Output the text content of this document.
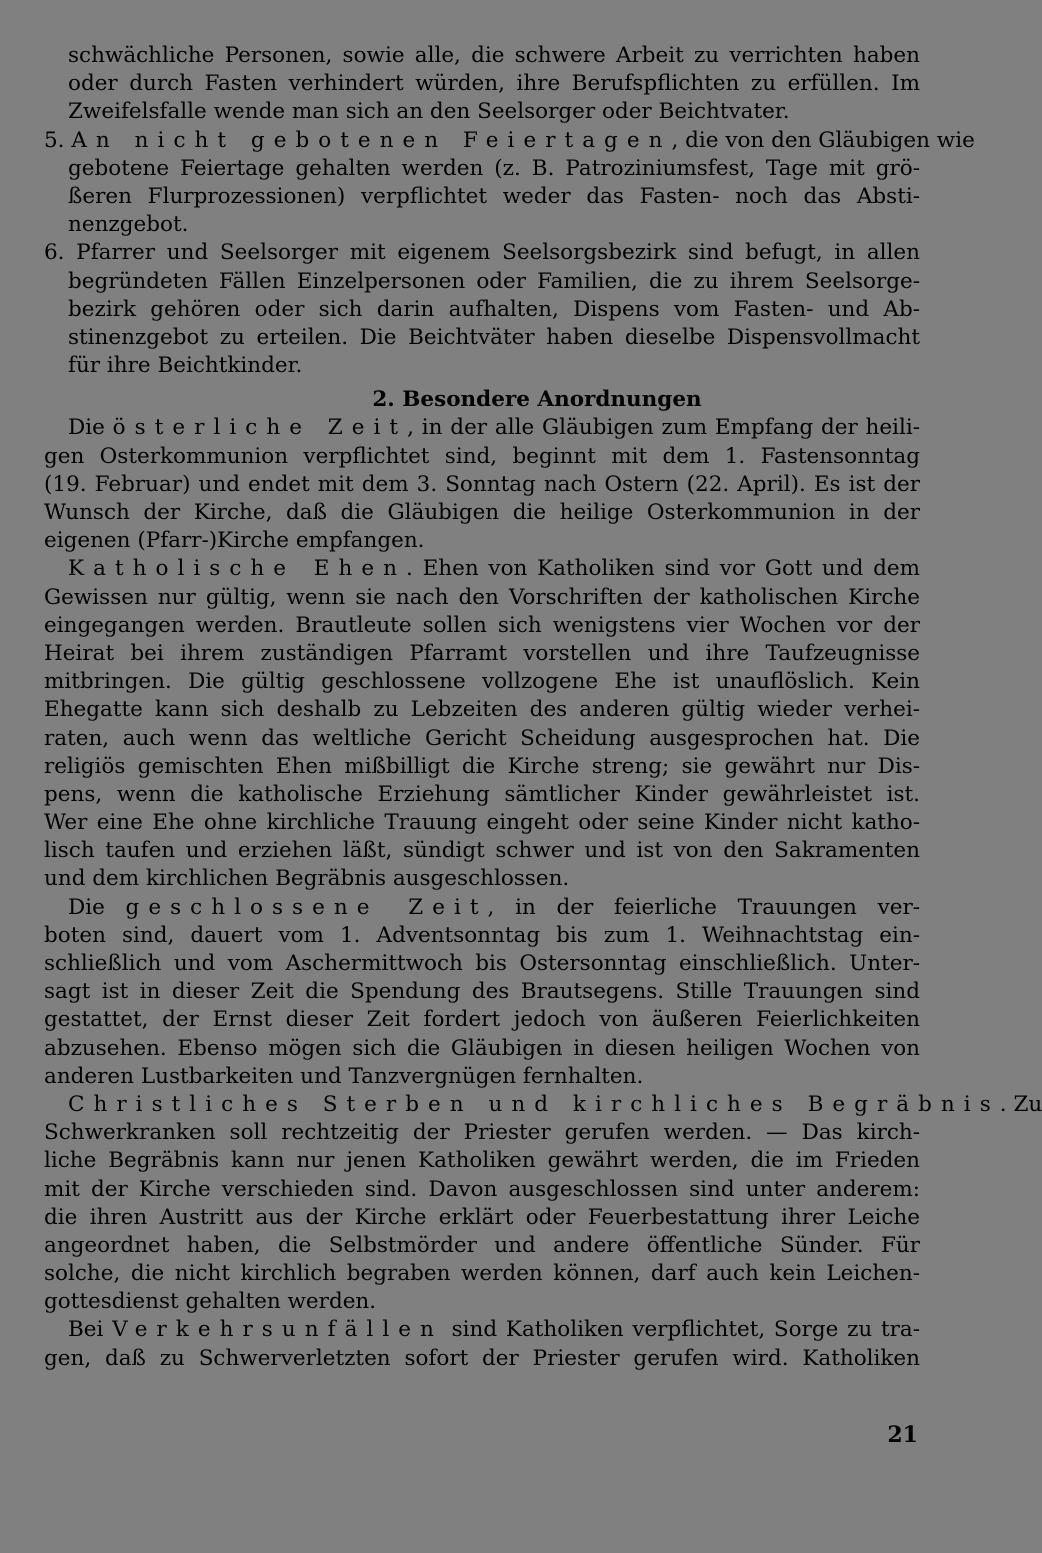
schwächliche Personen, sowie alle, die schwere Arbeit zu verrichten haben
oder durch Fasten verhindert würden, ihre Berufspflichten zu erfüllen. Im
Zweifelsfalle wende man sich an den Seelsorger oder Beichtvater.
5. An nicht gebotenen Feiertagen, die von den Gläubigen wie
gebotene Feiertage gehalten werden (z. B. Patroziniumsfest, Tage mit grö-
ßeren Flurprozessionen) verpflichtet weder das Fasten- noch das Absti-
nenzgebot.
6. Pfarrer und Seelsorger mit eigenem Seelsorgsbezirk sind befugt, in allen
begründeten Fällen Einzelpersonen oder Familien, die zu ihrem Seelsorge-
bezirk gehören oder sich darin aufhalten, Dispens vom Fasten- und Ab-
stinenzgebot zu erteilen. Die Beichtväter haben dieselbe Dispensvollmacht
für ihre Beichtkinder.
2. Besondere Anordnungen
Die österliche Zeit, in der alle Gläubigen zum Empfang der heili-
gen Osterkommunion verpflichtet sind, beginnt mit dem 1. Fastensonntag
(19. Februar) und endet mit dem 3. Sonntag nach Ostern (22. April). Es ist der
Wunsch der Kirche, daß die Gläubigen die heilige Osterkommunion in der
eigenen (Pfarr-)Kirche empfangen.
Katholische Ehen. Ehen von Katholiken sind vor Gott und dem
Gewissen nur gültig, wenn sie nach den Vorschriften der katholischen Kirche
eingegangen werden. Brautleute sollen sich wenigstens vier Wochen vor der
Heirat bei ihrem zuständigen Pfarramt vorstellen und ihre Taufzeugnisse
mitbringen. Die gültig geschlossene vollzogene Ehe ist unauflöslich. Kein
Ehegatte kann sich deshalb zu Lebzeiten des anderen gültig wieder verhei-
raten, auch wenn das weltliche Gericht Scheidung ausgesprochen hat. Die
religiös gemischten Ehen mißbilligt die Kirche streng; sie gewährt nur Dis-
pens, wenn die katholische Erziehung sämtlicher Kinder gewährleistet ist.
Wer eine Ehe ohne kirchliche Trauung eingeht oder seine Kinder nicht katho-
lisch taufen und erziehen läßt, sündigt schwer und ist von den Sakramenten
und dem kirchlichen Begräbnis ausgeschlossen.
Die geschlossene Zeit, in der feierliche Trauungen ver-
boten sind, dauert vom 1. Adventsonntag bis zum 1. Weihnachtstag ein-
schließlich und vom Aschermittwoch bis Ostersonntag einschließlich. Unter-
sagt ist in dieser Zeit die Spendung des Brautsegens. Stille Trauungen sind
gestattet, der Ernst dieser Zeit fordert jedoch von äußeren Feierlichkeiten
abzusehen. Ebenso mögen sich die Gläubigen in diesen heiligen Wochen von
anderen Lustbarkeiten und Tanzvergnügen fernhalten.
Christliches Sterben und kirchliches Begräbnis. Zu
Schwerkranken soll rechtzeitig der Priester gerufen werden. — Das kirch-
liche Begräbnis kann nur jenen Katholiken gewährt werden, die im Frieden
mit der Kirche verschieden sind. Davon ausgeschlossen sind unter anderem:
die ihren Austritt aus der Kirche erklärt oder Feuerbestattung ihrer Leiche
angeordnet haben, die Selbstmörder und andere öffentliche Sünder. Für
solche, die nicht kirchlich begraben werden können, darf auch kein Leichen-
gottesdienst gehalten werden.
Bei Verkehrsunfällen sind Katholiken verpflichtet, Sorge zu tra-
gen, daß zu Schwerverletzten sofort der Priester gerufen wird. Katholiken
21
